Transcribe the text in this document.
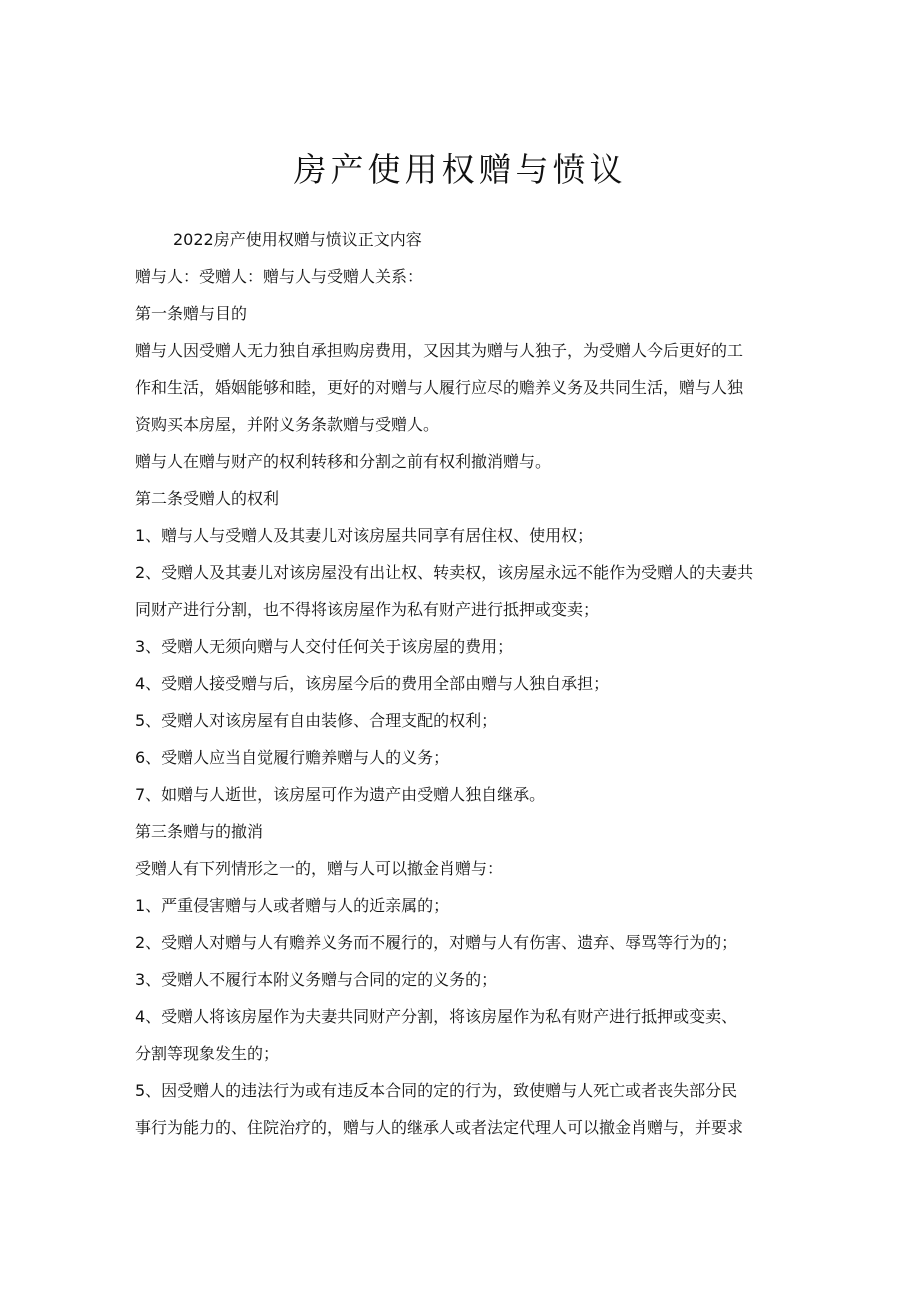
房产使用权赠与愤议
2022房产使用权赠与愤议正文内容
赠与人：受赠人：赠与人与受赠人关系：
第一条赠与目的
赠与人因受赠人无力独自承担购房费用，又因其为赠与人独子，为受赠人今后更好的工
作和生活，婚姻能够和睦，更好的对赠与人履行应尽的赡养义务及共同生活，赠与人独
资购买本房屋，并附义务条款赠与受赠人。
赠与人在赠与财产的权利转移和分割之前有权利撤消赠与。
第二条受赠人的权利
1、赠与人与受赠人及其妻儿对该房屋共同享有居住权、使用权；
2、受赠人及其妻儿对该房屋没有出让权、转卖权，该房屋永远不能作为受赠人的夫妻共
同财产进行分割，也不得将该房屋作为私有财产进行抵押或变卖；
3、受赠人无须向赠与人交付任何关于该房屋的费用；
4、受赠人接受赠与后，该房屋今后的费用全部由赠与人独自承担；
5、受赠人对该房屋有自由装修、合理支配的权利；
6、受赠人应当自觉履行赡养赠与人的义务；
7、如赠与人逝世，该房屋可作为遗产由受赠人独自继承。
第三条赠与的撤消
受赠人有下列情形之一的，赠与人可以撤金肖赠与：
1、严重侵害赠与人或者赠与人的近亲属的；
2、受赠人对赠与人有赡养义务而不履行的，对赠与人有伤害、遗弃、辱骂等行为的；
3、受赠人不履行本附义务赠与合同的定的义务的；
4、受赠人将该房屋作为夫妻共同财产分割，将该房屋作为私有财产进行抵押或变卖、
分割等现象发生的；
5、因受赠人的违法行为或有违反本合同的定的行为，致使赠与人死亡或者丧失部分民
事行为能力的、住院治疗的，赠与人的继承人或者法定代理人可以撤金肖赠与，并要求
